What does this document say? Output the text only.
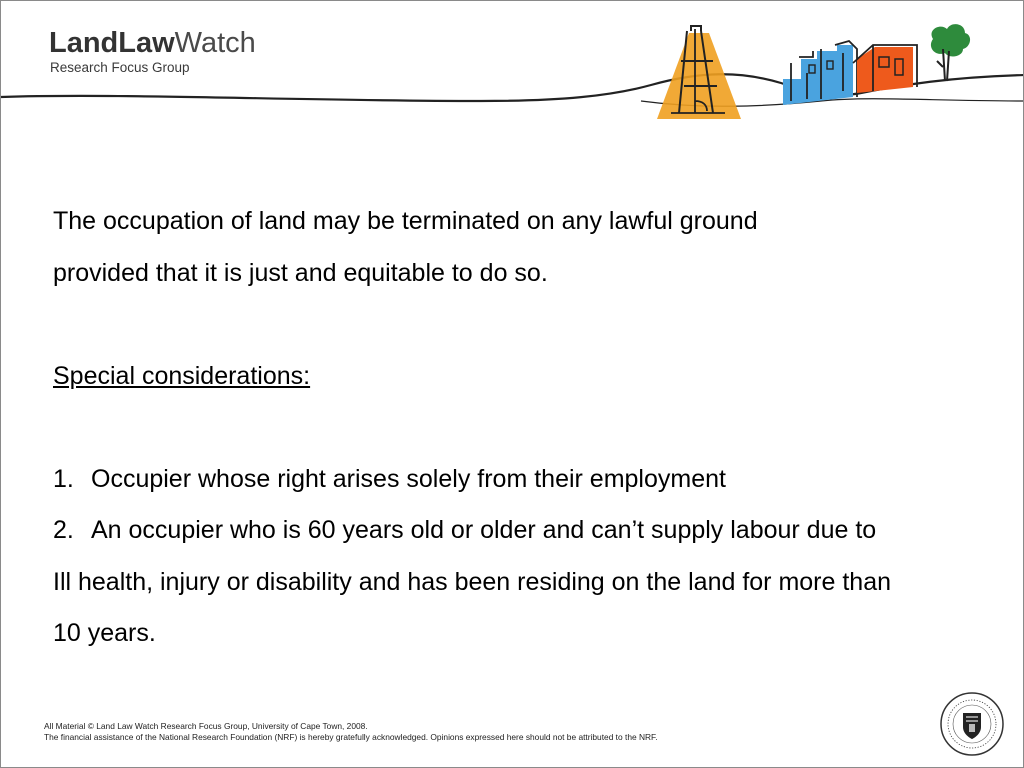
LandLawWatch
Research Focus Group

The occupation of land may be terminated on any lawful ground

provided that it is just and equitable to do so.

Special considerations:

1. Occupier whose right arises solely from their employment

2. An occupier who is 60 years old or older and can’t supply labour due to

Ill health, injury or disability and has been residing on the land for more than

10 years.

All Material © Land Law Watch Research Focus Group, University of Cape Town, 2008.
The financial assistance of the National Research Foundation (NRF) is hereby gratefully acknowledged. Opinions expressed here should not be attributed to the NRF.
